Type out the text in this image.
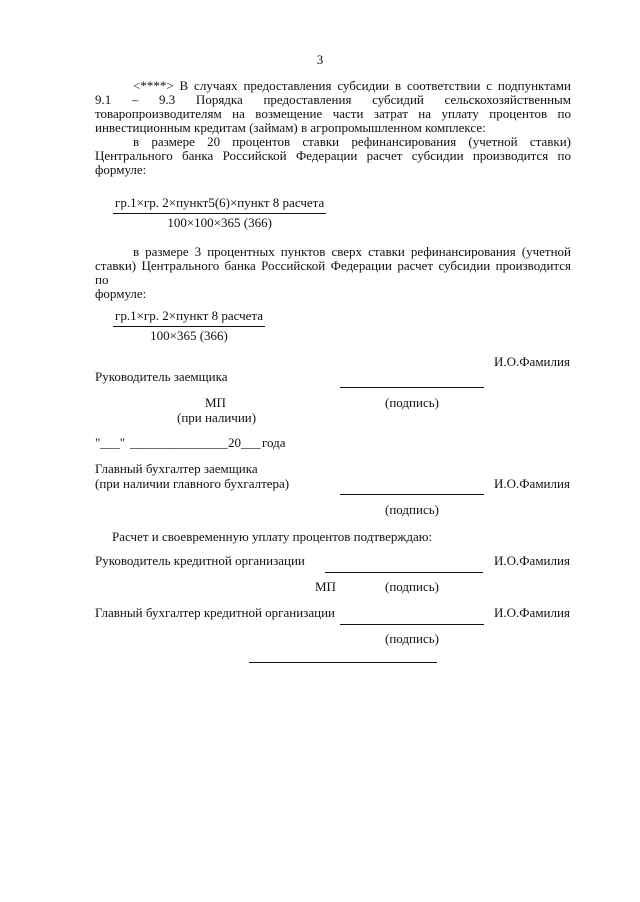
3
<****> В случаях предоставления субсидии в соответствии с подпунктами
9.1 – 9.3 Порядка предоставления субсидий сельскохозяйственным
товаропроизводителям на возмещение части затрат на уплату процентов по
инвестиционным кредитам (займам) в агропромышленном комплексе:
в размере 20 процентов ставки рефинансирования (учетной ставки)
Центрального банка Российской Федерации расчет субсидии производится по
формуле:
гр.1×гр. 2×пункт5(6)×пункт 8 расчета
100×100×365 (366)
в размере 3 процентных пунктов сверх ставки рефинансирования (учетной
ставки) Центрального банка Российской Федерации расчет субсидии производится по
формуле:
гр.1×гр. 2×пункт 8 расчета
100×365 (366)
И.О.Фамилия
Руководитель заемщика
МП	(подпись)
(при наличии)
"___" _______________ 20___ года
Главный бухгалтер заемщика
(при наличии главного бухгалтера)	И.О.Фамилия
(подпись)
Расчет и своевременную уплату процентов подтверждаю:
Руководитель кредитной организации	И.О.Фамилия
МП	(подпись)
Главный бухгалтер кредитной организации	И.О.Фамилия
(подпись)
